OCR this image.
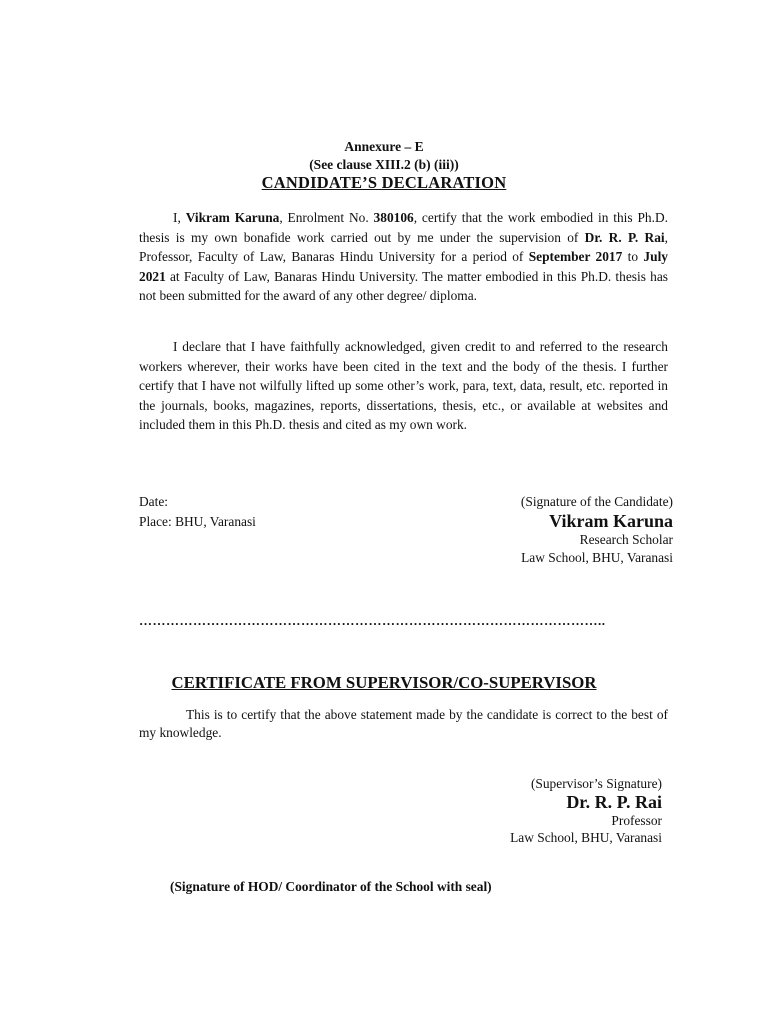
Annexure – E
(See clause XIII.2 (b) (iii))
CANDIDATE’S DECLARATION
I, Vikram Karuna, Enrolment No. 380106, certify that the work embodied in this Ph.D. thesis is my own bonafide work carried out by me under the supervision of Dr. R. P. Rai, Professor, Faculty of Law, Banaras Hindu University for a period of September 2017 to July 2021 at Faculty of Law, Banaras Hindu University. The matter embodied in this Ph.D. thesis has not been submitted for the award of any other degree/ diploma.
I declare that I have faithfully acknowledged, given credit to and referred to the research workers wherever, their works have been cited in the text and the body of the thesis. I further certify that I have not wilfully lifted up some other’s work, para, text, data, result, etc. reported in the journals, books, magazines, reports, dissertations, thesis, etc., or available at websites and included them in this Ph.D. thesis and cited as my own work.
Date:
Place: BHU, Varanasi
(Signature of the Candidate)
Vikram Karuna
Research Scholar
Law School, BHU, Varanasi
…………………………………………………………………………………………..
CERTIFICATE FROM SUPERVISOR/CO-SUPERVISOR
This is to certify that the above statement made by the candidate is correct to the best of my knowledge.
(Supervisor’s Signature)
Dr. R. P. Rai
Professor
Law School, BHU, Varanasi
(Signature of HOD/ Coordinator of the School with seal)
